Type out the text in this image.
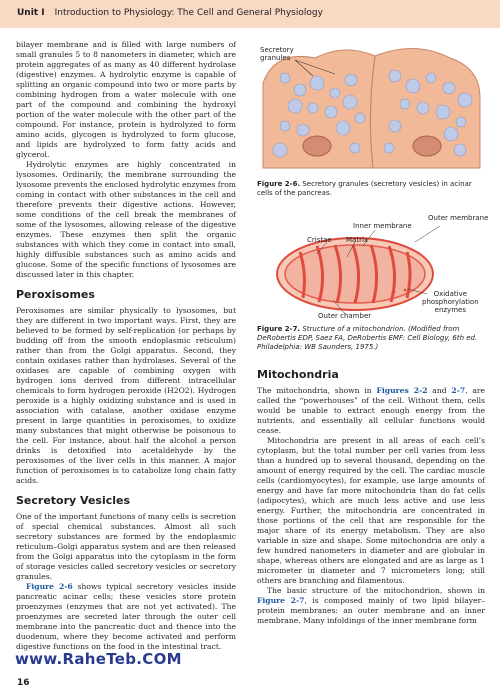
Unit I Introduction to Physiology: The Cell and General Physiology

bilayer membrane and is filled with large numbers of small granules 5 to 8 nanometers in diameter, which are protein aggregates of as many as 40 different hydrolase (digestive) enzymes. A hydrolytic enzyme is capable of splitting an organic compound into two or more parts by combining hydrogen from a water molecule with one part of the compound and combining the hydroxyl portion of the water molecule with the other part of the compound. For instance, protein is hydrolyzed to form amino acids, glycogen is hydrolyzed to form glucose, and lipids are hydrolyzed to form fatty acids and glycerol.

Hydrolytic enzymes are highly concentrated in lysosomes. Ordinarily, the membrane surrounding the lysosome prevents the enclosed hydrolytic enzymes from coming in contact with other substances in the cell and therefore prevents their digestive actions. However, some conditions of the cell break the membranes of some of the lysosomes, allowing release of the digestive enzymes. These enzymes then split the organic substances with which they come in contact into small, highly diffusible substances such as amino acids and glucose. Some of the specific functions of lysosomes are discussed later in this chapter.

Peroxisomes

Peroxisomes are similar physically to lysosomes, but they are different in two important ways. First, they are believed to be formed by self-replication (or perhaps by budding off from the smooth endoplasmic reticulum) rather than from the Golgi apparatus. Second, they contain oxidases rather than hydrolases. Several of the oxidases are capable of combining oxygen with hydrogen ions derived from different intracellular chemicals to form hydrogen peroxide (H2O2). Hydrogen peroxide is a highly oxidizing substance and is used in association with catalase, another oxidase enzyme present in large quantities in peroxisomes, to oxidize many substances that might otherwise be poisonous to the cell. For instance, about half the alcohol a person drinks is detoxified into acetaldehyde by the peroxisomes of the liver cells in this manner. A major function of peroxisomes is to catabolize long chain fatty acids.

Secretory Vesicles

One of the important functions of many cells is secretion of special chemical substances. Almost all such secretory substances are formed by the endoplasmic reticulum–Golgi apparatus system and are then released from the Golgi apparatus into the cytoplasm in the form of storage vesicles called secretory vesicles or secretory granules.

Figure 2-6 shows typical secretory vesicles inside pancreatic acinar cells; these vesicles store protein proenzymes (enzymes that are not yet activated). The proenzymes are secreted later through the outer cell membrane into the pancreatic duct and thence into the duodenum, where they become activated and perform digestive functions on the food in the intestinal tract.

Secretory granules
Figure 2-6. Secretory granules (secretory vesicles) in acinar cells of the pancreas.
Outer membrane
Inner membrane
Cristae Matrix
Oxidative
phosphorylation
enzymes
Outer chamber
Figure 2-7. Structure of a mitochondrion. (Modified from DeRobertis EDP, Saez FA, DeRobertis EMF: Cell Biology, 6th ed. Philadelphia: WB Saunders, 1975.)
Mitochondria

The mitochondria, shown in Figures 2-2 and 2-7, are called the “powerhouses” of the cell. Without them, cells would be unable to extract enough energy from the nutrients, and essentially all cellular functions would cease.

Mitochondria are present in all areas of each cell’s cytoplasm, but the total number per cell varies from less than a hundred up to several thousand, depending on the amount of energy required by the cell. The cardiac muscle cells (cardiomyocytes), for example, use large amounts of energy and have far more mitochondria than do fat cells (adipocytes), which are much less active and use less energy. Further, the mitochondria are concentrated in those portions of the cell that are responsible for the major share of its energy metabolism. They are also variable in size and shape. Some mitochondria are only a few hundred nanometers in diameter and are globular in shape, whereas others are elongated and are as large as 1 micrometer in diameter and 7 micrometers long; still others are branching and filamentous.

The basic structure of the mitochondrion, shown in Figure 2-7, is composed mainly of two lipid bilayer–protein membranes: an outer membrane and an inner membrane. Many infoldings of the inner membrane form

www.RaheTeb.COM
16
